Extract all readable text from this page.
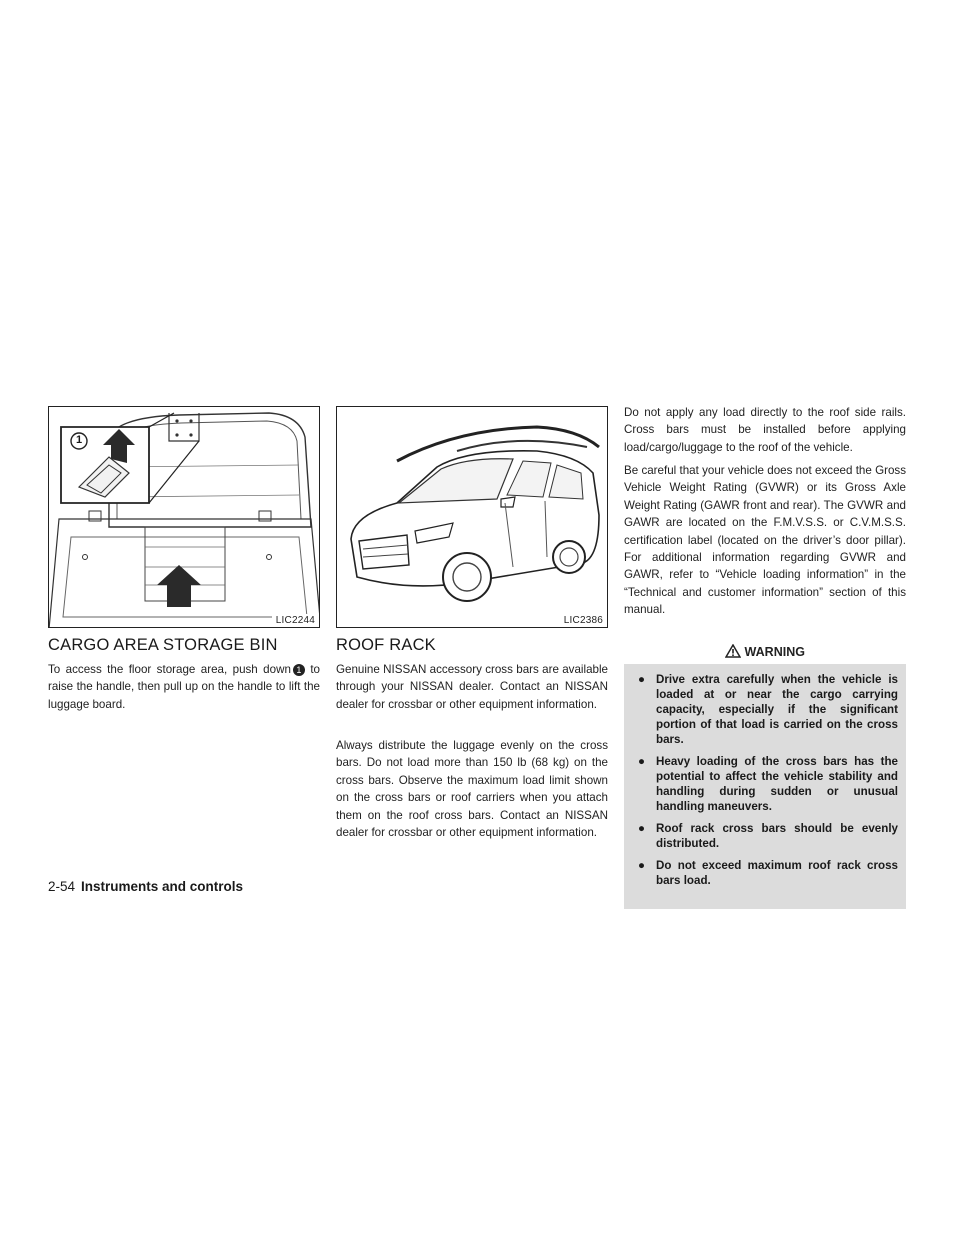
1
LIC2244	LIC2386
CARGO AREA STORAGE BIN

To access the floor storage area, push down 1 to raise the handle, then pull up on the handle to lift the luggage board.

ROOF RACK

Genuine NISSAN accessory cross bars are available through your NISSAN dealer. Contact an NISSAN dealer for crossbar or other equipment information.

Always distribute the luggage evenly on the cross bars. Do not load more than 150 lb (68 kg) on the cross bars. Observe the maximum load limit shown on the cross bars or roof carriers when you attach them on the roof cross bars. Contact an NISSAN dealer for crossbar or other equipment information.

Do not apply any load directly to the roof side rails. Cross bars must be installed before applying load/cargo/luggage to the roof of the vehicle.

Be careful that your vehicle does not exceed the Gross Vehicle Weight Rating (GVWR) or its Gross Axle Weight Rating (GAWR front and rear). The GVWR and GAWR are located on the F.M.V.S.S. or C.V.M.S.S. certification label (located on the driver’s door pillar). For additional information regarding GVWR and GAWR, refer to “Vehicle loading information” in the “Technical and customer information” section of this manual.

WARNING
● Drive extra carefully when the vehicle is loaded at or near the cargo carrying capacity, especially if the significant portion of that load is carried on the cross bars.
● Heavy loading of the cross bars has the potential to affect the vehicle stability and handling during sudden or unusual handling maneuvers.
● Roof rack cross bars should be evenly distributed.
● Do not exceed maximum roof rack cross bars load.
2-54 Instruments and controls
